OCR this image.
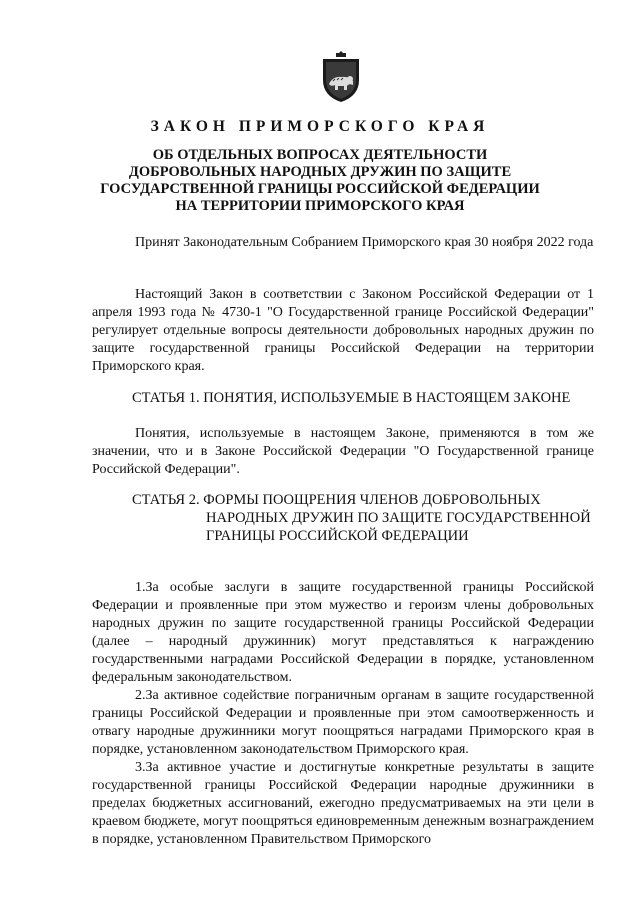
ЗАКОН ПРИМОРСКОГО КРАЯ
ОБ ОТДЕЛЬНЫХ ВОПРОСАХ ДЕЯТЕЛЬНОСТИ ДОБРОВОЛЬНЫХ НАРОДНЫХ ДРУЖИН ПО ЗАЩИТЕ ГОСУДАРСТВЕННОЙ ГРАНИЦЫ РОССИЙСКОЙ ФЕДЕРАЦИИ НА ТЕРРИТОРИИ ПРИМОРСКОГО КРАЯ

Принят Законодательным Собранием Приморского края 30 ноября 2022 года

Настоящий Закон в соответствии с Законом Российской Федерации от 1 апреля 1993 года № 4730-1 "О Государственной границе Российской Федерации" регулирует отдельные вопросы деятельности добровольных народных дружин по защите государственной границы Российской Федерации на территории Приморского края.

СТАТЬЯ 1. ПОНЯТИЯ, ИСПОЛЬЗУЕМЫЕ В НАСТОЯЩЕМ ЗАКОНЕ

Понятия, используемые в настоящем Законе, применяются в том же значении, что и в Законе Российской Федерации "О Государственной границе Российской Федерации".

СТАТЬЯ 2. ФОРМЫ ПООЩРЕНИЯ ЧЛЕНОВ ДОБРОВОЛЬНЫХ
НАРОДНЫХ ДРУЖИН ПО ЗАЩИТЕ ГОСУДАРСТВЕННОЙ ГРАНИЦЫ РОССИЙСКОЙ ФЕДЕРАЦИИ

1.За особые заслуги в защите государственной границы Российской Федерации и проявленные при этом мужество и героизм члены добровольных народных дружин по защите государственной границы Российской Федерации (далее – народный дружинник) могут представляться к награждению государственными наградами Российской Федерации в порядке, установленном федеральным законодательством.

2.За активное содействие пограничным органам в защите государственной границы Российской Федерации и проявленные при этом самоотверженность и отвагу народные дружинники могут поощряться наградами Приморского края в порядке, установленном законодательством Приморского края.

3.За активное участие и достигнутые конкретные результаты в защите государственной границы Российской Федерации народные дружинники в пределах бюджетных ассигнований, ежегодно предусматриваемых на эти цели в краевом бюджете, могут поощряться единовременным денежным вознаграждением в порядке, установленном Правительством Приморского
